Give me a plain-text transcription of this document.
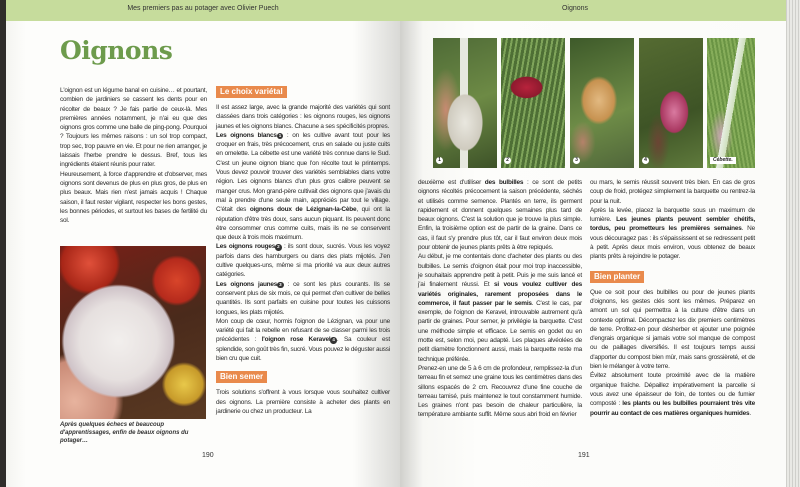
Mes premiers pas au potager avec Olivier Puech	Oignons
Oignons

L'oignon est un légume banal en cuisine… et pourtant, combien de jardiniers se cassent les dents pour en récolter de beaux ? Je fais partie de ceux-là. Mes premières années notamment, je n'ai eu que des oignons gros comme une balle de ping-pong. Pourquoi ? Toujours les mêmes raisons : un sol trop compact, trop sec, trop pauvre en vie. Et pour ne rien arranger, je laissais l'herbe prendre le dessus. Bref, tous les ingrédients étaient réunis pour rater.

Heureusement, à force d'apprendre et d'observer, mes oignons sont devenus de plus en plus gros, de plus en plus beaux. Mais rien n'est jamais acquis ! Chaque saison, il faut rester vigilant, respecter les bons gestes, les bonnes périodes, et surtout les bases de fertilité du sol.

Après quelques échecs et beaucoup d'apprentissages, enfin de beaux oignons du potager…
Le choix variétal

Il est assez large, avec la grande majorité des variétés qui sont classées dans trois catégories : les oignons rouges, les oignons jaunes et les oignons blancs. Chacune a ses spécificités propres.

Les oignons blancs 1 : on les cultive avant tout pour les croquer en frais, très précocement, crus en salade ou juste cuits en omelette. La cébette est une variété très connue dans le Sud. C'est un jeune oignon blanc que l'on récolte tout le printemps. Vous devez pouvoir trouver des variétés semblables dans votre région. Les oignons blancs d'un plus gros calibre peuvent se manger crus. Mon grand-père cultivait des oignons que j'avais du mal à prendre d'une seule main, appréciés par tout le village. C'était des oignons doux de Lézignan-la-Cèbe, qui ont la réputation d'être très doux, sans aucun piquant. Ils peuvent donc être consommer crus comme cuits, mais ils ne se conservent que deux à trois mois maximum.

Les oignons rouges 2 : ils sont doux, sucrés. Vous les voyez parfois dans des hamburgers ou dans des plats mijotés. J'en cultive quelques-uns, même si ma priorité va aux deux autres catégories.

Les oignons jaunes 3 : ce sont les plus courants. Ils se conservent plus de six mois, ce qui permet d'en cultiver de belles quantités. Ils sont parfaits en cuisine pour toutes les cuissons longues, les plats mijotés.

Mon coup de cœur, hormis l'oignon de Lézignan, va pour une variété qui fait la rebelle en refusant de se classer parmi les trois précédentes : l'oignon rose Keravel 4 . Sa couleur est splendide, son goût très fin, sucré. Vous pouvez le déguster aussi bien cru que cuit.

Bien semer

Trois solutions s'offrent à vous lorsque vous souhaitez cultiver des oignons. La première consiste à acheter des plants en jardinerie ou chez un producteur. La

190
1	2	3	4	Cébette.

deuxième est d'utiliser des bulbilles : ce sont de petits oignons récoltés précocement la saison précédente, séchés et utilisés comme semence. Plantés en terre, ils germent rapidement et donnent quelques semaines plus tard de beaux oignons. C'est la solution que je trouve la plus simple. Enfin, la troisième option est de partir de la graine. Dans ce cas, il faut s'y prendre plus tôt, car il faut environ deux mois pour obtenir de jeunes plants prêts à être repiqués.

Au début, je me contentais donc d'acheter des plants ou des bulbilles. Le semis d'oignon était pour moi trop inaccessible, je souhaitais apprendre petit à petit. Puis je me suis lancé et j'ai finalement réussi. Et si vous voulez cultiver des variétés originales, rarement proposées dans le commerce, il faut passer par le semis. C'est le cas, par exemple, de l'oignon de Keravel, introuvable autrement qu'à partir de graines. Pour semer, je privilégie la barquette. C'est une méthode simple et efficace. Le semis en godet ou en motte est, selon moi, peu adapté. Les plaques alvéolées de petit diamètre fonctionnent aussi, mais la barquette reste ma technique préférée.

Prenez-en une de 5 à 6 cm de profondeur, remplissez-la d'un terreau fin et semez une graine tous les centimètres dans des sillons espacés de 2 cm. Recouvrez d'une fine couche de terreau tamisé, puis maintenez le tout constamment humide. Les graines n'ont pas besoin de chaleur particulière, la température ambiante suffit. Même sous abri froid en février

ou mars, le semis réussit souvent très bien. En cas de gros coup de froid, protégez simplement la barquette ou rentrez-la pour la nuit.

Après la levée, placez la barquette sous un maximum de lumière. Les jeunes plants peuvent sembler chétifs, tordus, peu prometteurs les premières semaines. Ne vous découragez pas : ils s'épaississent et se redressent petit à petit. Après deux mois environ, vous obtenez de beaux plants prêts à rejoindre le potager.

Bien planter

Que ce soit pour des bulbilles ou pour de jeunes plants d'oignons, les gestes clés sont les mêmes. Préparez en amont un sol qui permettra à la culture d'être dans un contexte optimal. Décompactez les dix premiers centimètres de terre. Profitez-en pour désherber et ajouter une poignée d'engrais organique si jamais votre sol manque de compost ou de paillages diversifiés. Il est toujours temps aussi d'apporter du compost bien mûr, mais sans grossièreté, et de bien le mélanger à votre terre.

Évitez absolument toute proximité avec de la matière organique fraîche. Dépaillez impérativement la parcelle si vous avez une épaisseur de foin, de tontes ou de fumier composté : les plants ou les bulbilles pourraient très vite pourrir au contact de ces matières organiques humides.

191
